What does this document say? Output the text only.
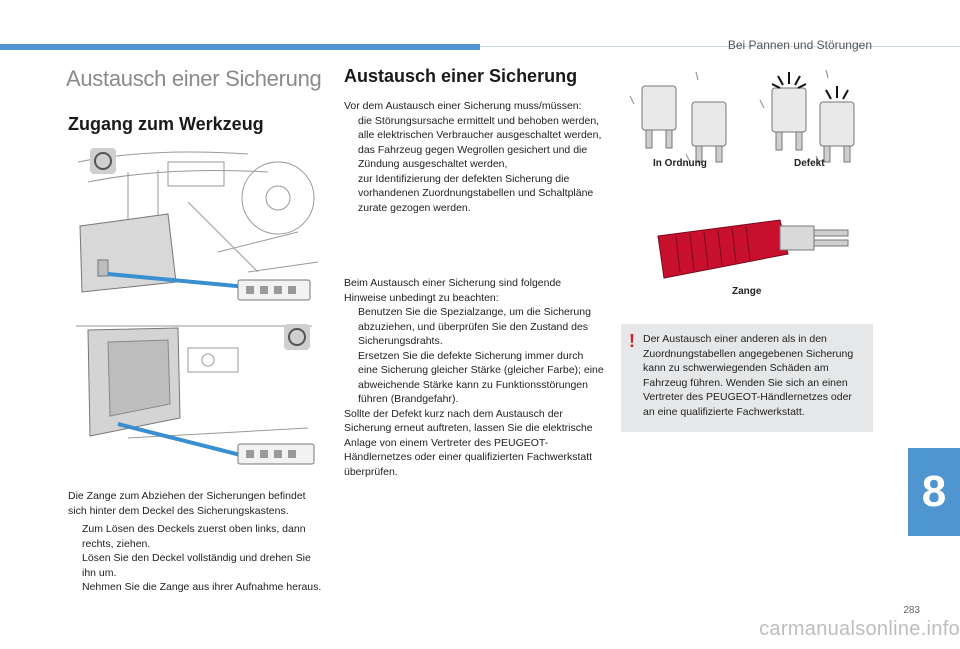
Bei Pannen und Störungen
Austausch einer Sicherung
Zugang zum Werkzeug

Die Zange zum Abziehen der Sicherungen befindet sich hinter dem Deckel des Sicherungskastens.

Zum Lösen des Deckels zuerst oben links, dann rechts, ziehen.
Lösen Sie den Deckel vollständig und drehen Sie ihn um.
Nehmen Sie die Zange aus ihrer Aufnahme heraus.
Austausch einer Sicherung

Vor dem Austausch einer Sicherung muss/müssen:

die Störungsursache ermittelt und behoben werden,
alle elektrischen Verbraucher ausgeschaltet werden,
das Fahrzeug gegen Wegrollen gesichert und die Zündung ausgeschaltet werden,
zur Identifizierung der defekten Sicherung die vorhandenen Zuordnungstabellen und Schaltpläne zurate gezogen werden.

Beim Austausch einer Sicherung sind folgende Hinweise unbedingt zu beachten:

Benutzen Sie die Spezialzange, um die Sicherung abzuziehen, und überprüfen Sie den Zustand des Sicherungsdrahts.
Ersetzen Sie die defekte Sicherung immer durch eine Sicherung gleicher Stärke (gleicher Farbe); eine abweichende Stärke kann zu Funktionsstörungen führen (Brandgefahr).

Sollte der Defekt kurz nach dem Austausch der Sicherung erneut auftreten, lassen Sie die elektrische Anlage von einem Vertreter des PEUGEOT-Händlernetzes oder einer qualifizierten Fachwerkstatt überprüfen.

In Ordnung	Defekt
Zange
! Der Austausch einer anderen als in den Zuordnungstabellen angegebenen Sicherung kann zu schwerwiegenden Schäden am Fahrzeug führen. Wenden Sie sich an einen Vertreter des PEUGEOT-Händlernetzes oder an eine qualifizierte Fachwerkstatt.

8
283
carmanualsonline.info
